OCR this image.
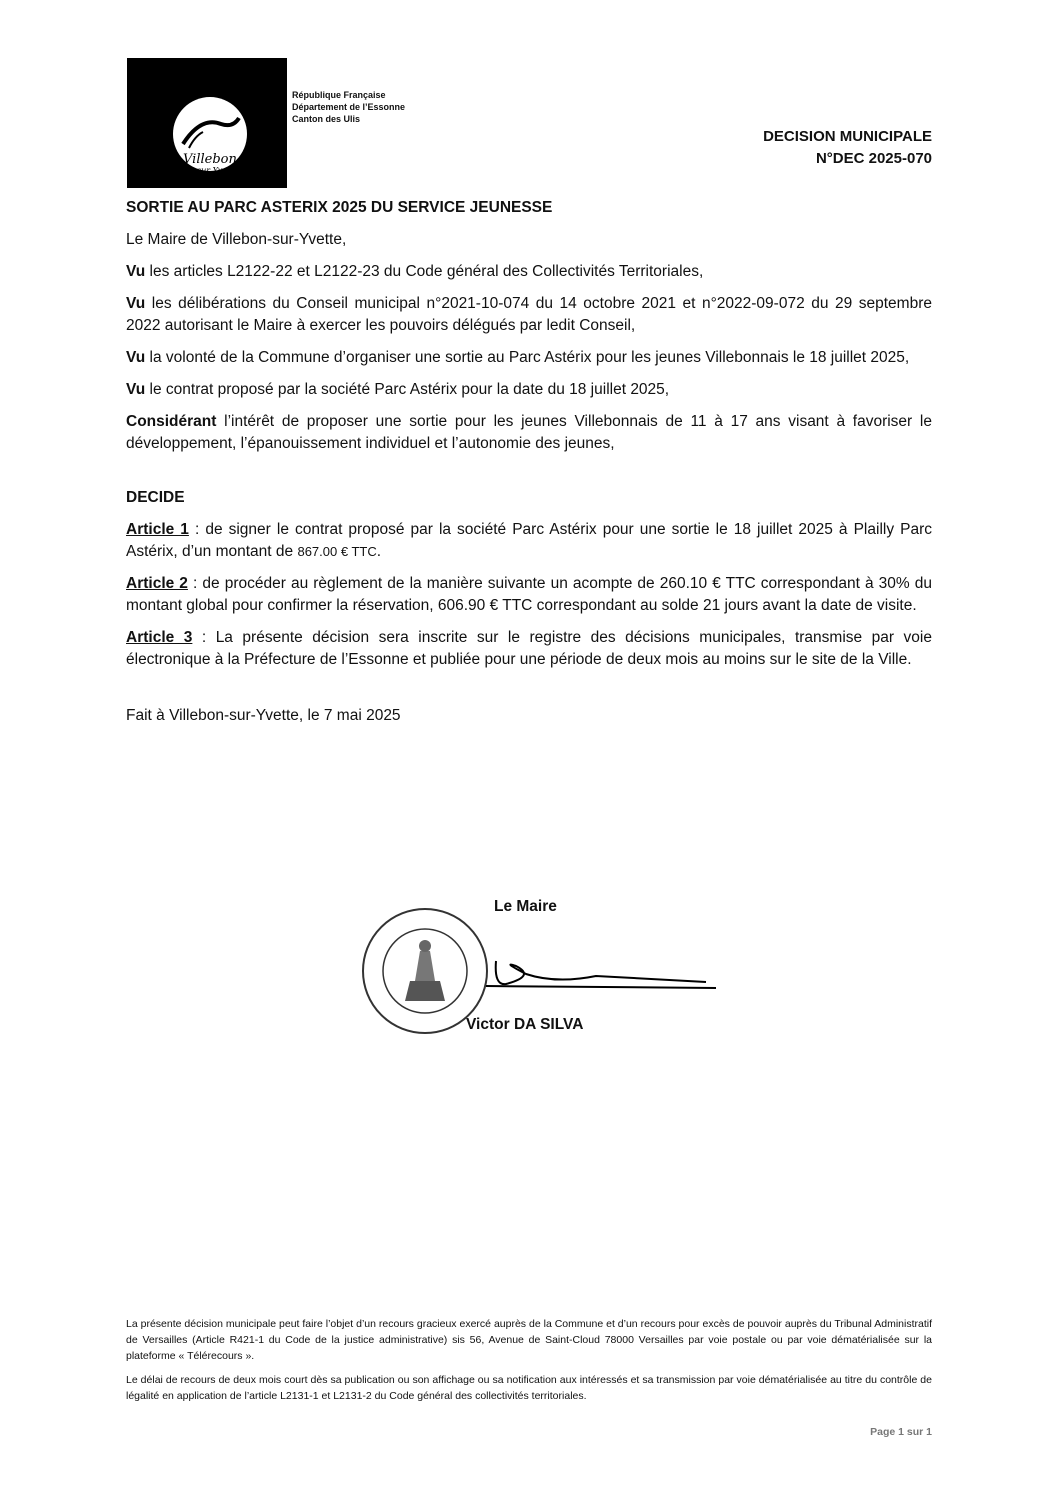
Villebon
sur Yvette
République Française
Département de l’Essonne
Canton des Ulis
DECISION MUNICIPALE
N°DEC 2025-070
SORTIE AU PARC ASTERIX 2025 DU SERVICE JEUNESSE

Le Maire de Villebon-sur-Yvette,

Vu les articles L2122-22 et L2122-23 du Code général des Collectivités Territoriales,

Vu les délibérations du Conseil municipal n°2021-10-074 du 14 octobre 2021 et n°2022-09-072 du 29 septembre 2022 autorisant le Maire à exercer les pouvoirs délégués par ledit Conseil,

Vu la volonté de la Commune d’organiser une sortie au Parc Astérix pour les jeunes Villebonnais le 18 juillet 2025,

Vu le contrat proposé par la société Parc Astérix pour la date du 18 juillet 2025,

Considérant l’intérêt de proposer une sortie pour les jeunes Villebonnais de 11 à 17 ans visant à favoriser le développement, l’épanouissement individuel et l’autonomie des jeunes,

DECIDE

Article 1 : de signer le contrat proposé par la société Parc Astérix pour une sortie le 18 juillet 2025 à Plailly Parc Astérix, d’un montant de 867.00 € TTC.

Article 2 : de procéder au règlement de la manière suivante un acompte de 260.10 € TTC correspondant à 30% du montant global pour confirmer la réservation, 606.90 € TTC correspondant au solde 21 jours avant la date de visite.

Article 3 : La présente décision sera inscrite sur le registre des décisions municipales, transmise par voie électronique à la Préfecture de l’Essonne et publiée pour une période de deux mois au moins sur le site de la Ville.

Fait à Villebon-sur-Yvette, le 7 mai 2025

Le Maire
Victor DA SILVA

La présente décision municipale peut faire l’objet d’un recours gracieux exercé auprès de la Commune et d’un recours pour excès de pouvoir auprès du Tribunal Administratif de Versailles (Article R421-1 du Code de la justice administrative) sis 56, Avenue de Saint-Cloud 78000 Versailles par voie postale ou par voie dématérialisée sur la plateforme « Télérecours ».

Le délai de recours de deux mois court dès sa publication ou son affichage ou sa notification aux intéressés et sa transmission par voie dématérialisée au titre du contrôle de légalité en application de l’article L2131-1 et L2131-2 du Code général des collectivités territoriales.

Page 1 sur 1
